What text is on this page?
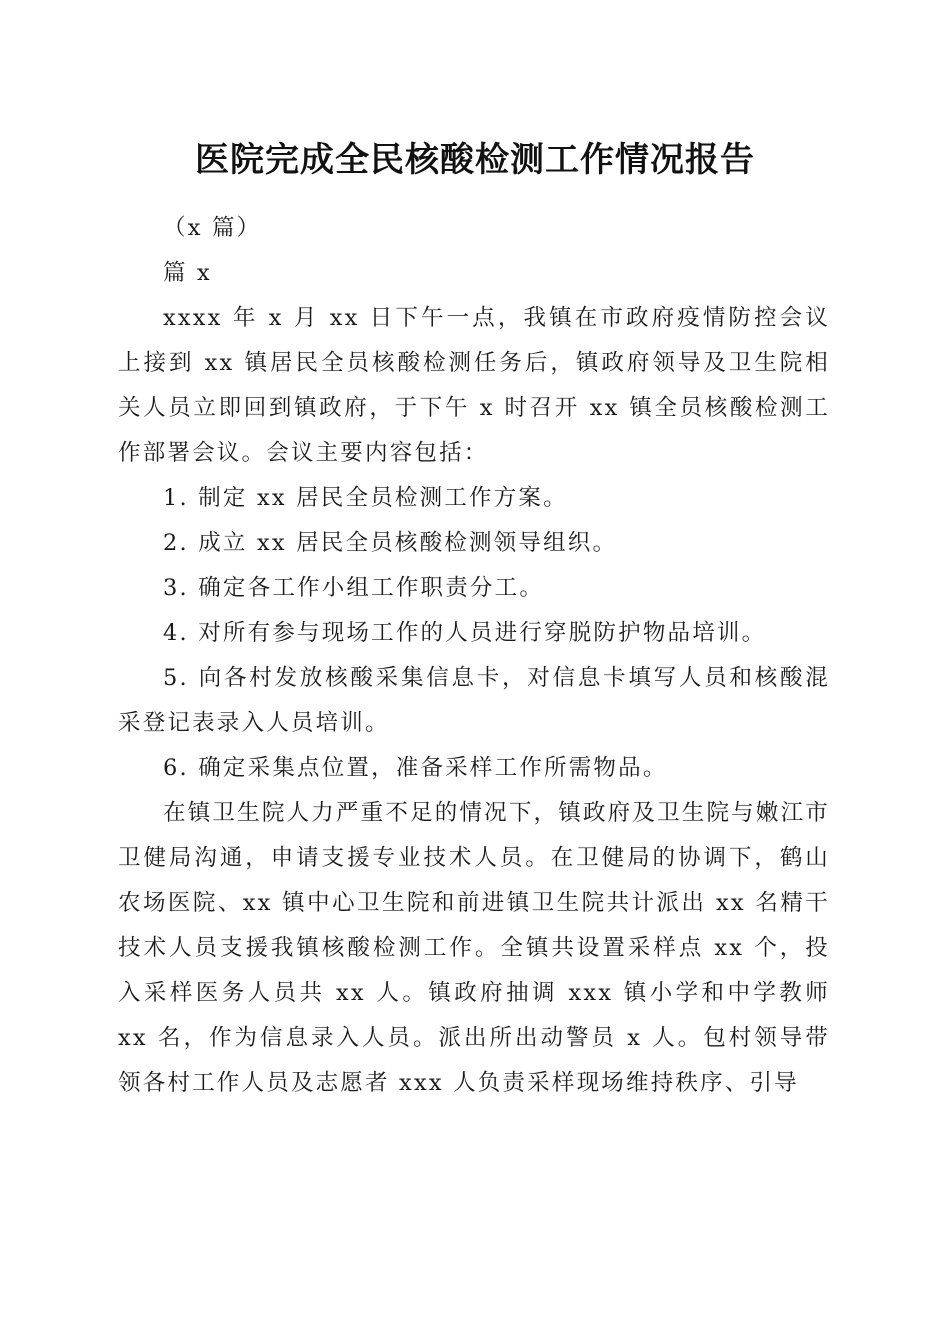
医院完成全民核酸检测工作情况报告

（x 篇）

篇 x

xxxx 年 x 月 xx 日下午一点，我镇在市政府疫情防控会议上接到 xx 镇居民全员核酸检测任务后，镇政府领导及卫生院相关人员立即回到镇政府，于下午 x 时召开 xx 镇全员核酸检测工作部署会议。会议主要内容包括：

1. 制定 xx 居民全员检测工作方案。

2. 成立 xx 居民全员核酸检测领导组织。

3. 确定各工作小组工作职责分工。

4. 对所有参与现场工作的人员进行穿脱防护物品培训。

5. 向各村发放核酸采集信息卡，对信息卡填写人员和核酸混采登记表录入人员培训。

6. 确定采集点位置，准备采样工作所需物品。

在镇卫生院人力严重不足的情况下，镇政府及卫生院与嫩江市卫健局沟通，申请支援专业技术人员。在卫健局的协调下，鹤山农场医院、xx 镇中心卫生院和前进镇卫生院共计派出 xx 名精干技术人员支援我镇核酸检测工作。全镇共设置采样点 xx 个，投入采样医务人员共 xx 人。镇政府抽调 xxx 镇小学和中学教师 xx 名，作为信息录入人员。派出所出动警员 x 人。包村领导带领各村工作人员及志愿者 xxx 人负责采样现场维持秩序、引导
